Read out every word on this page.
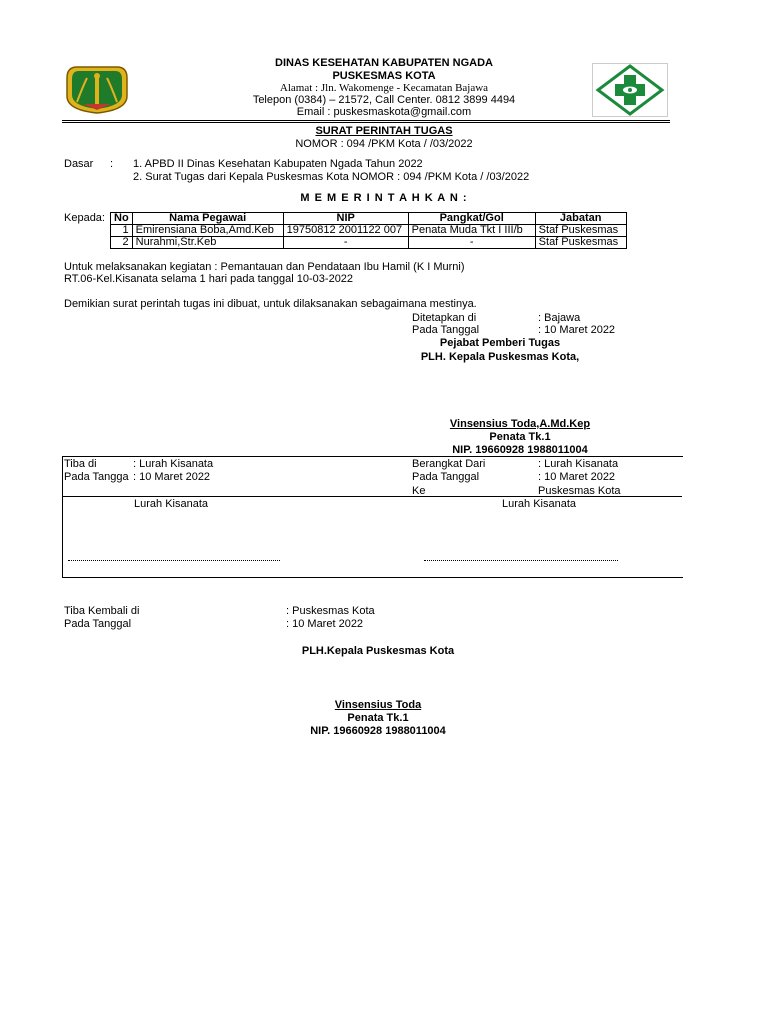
DINAS KESEHATAN KABUPATEN NGADA
PUSKESMAS KOTA
Alamat : Jln. Wakomenge - Kecamatan Bajawa
Telepon (0384) – 21572, Call Center. 0812 3899 4494
Email : puskesmaskota@gmail.com
SURAT PERINTAH TUGAS
NOMOR : 094 /PKM Kota / /03/2022
Dasar : 1. APBD II Dinas Kesehatan Kabupaten Ngada Tahun 2022
2. Surat Tugas dari Kepala Puskesmas Kota NOMOR : 094 /PKM Kota / /03/2022
M E M E R I N T A H K A N :
Kepada: No	Nama Pegawai	NIP	Pangkat/Gol	Jabatan
1	Emirensiana Boba,Amd.Keb	19750812 2001122 007	Penata Muda Tkt I III/b	Staf Puskesmas
2	Nurahmi,Str.Keb	-	-	Staf Puskesmas
Untuk melaksanakan kegiatan : Pemantauan dan Pendataan Ibu Hamil (K I Murni)
RT.06-Kel.Kisanata selama 1 hari pada tanggal 10-03-2022
Demikian surat perintah tugas ini dibuat, untuk dilaksanakan sebagaimana mestinya.
Ditetapkan di	: Bajawa
Pada Tanggal	: 10 Maret 2022
Pejabat Pemberi Tugas
PLH. Kepala Puskesmas Kota,
Vinsensius Toda,A.Md.Kep
Penata Tk.1
NIP. 19660928 1988011004
Tiba di	: Lurah Kisanata
Pada Tangga : 10 Maret 2022
Berangkat Dari	: Lurah Kisanata
Pada Tanggal	: 10 Maret 2022
Ke	Puskesmas Kota
Lurah Kisanata	Lurah Kisanata
Tiba Kembali di	: Puskesmas Kota
Pada Tanggal	: 10 Maret 2022
PLH.Kepala Puskesmas Kota
Vinsensius Toda
Penata Tk.1
NIP. 19660928 1988011004
